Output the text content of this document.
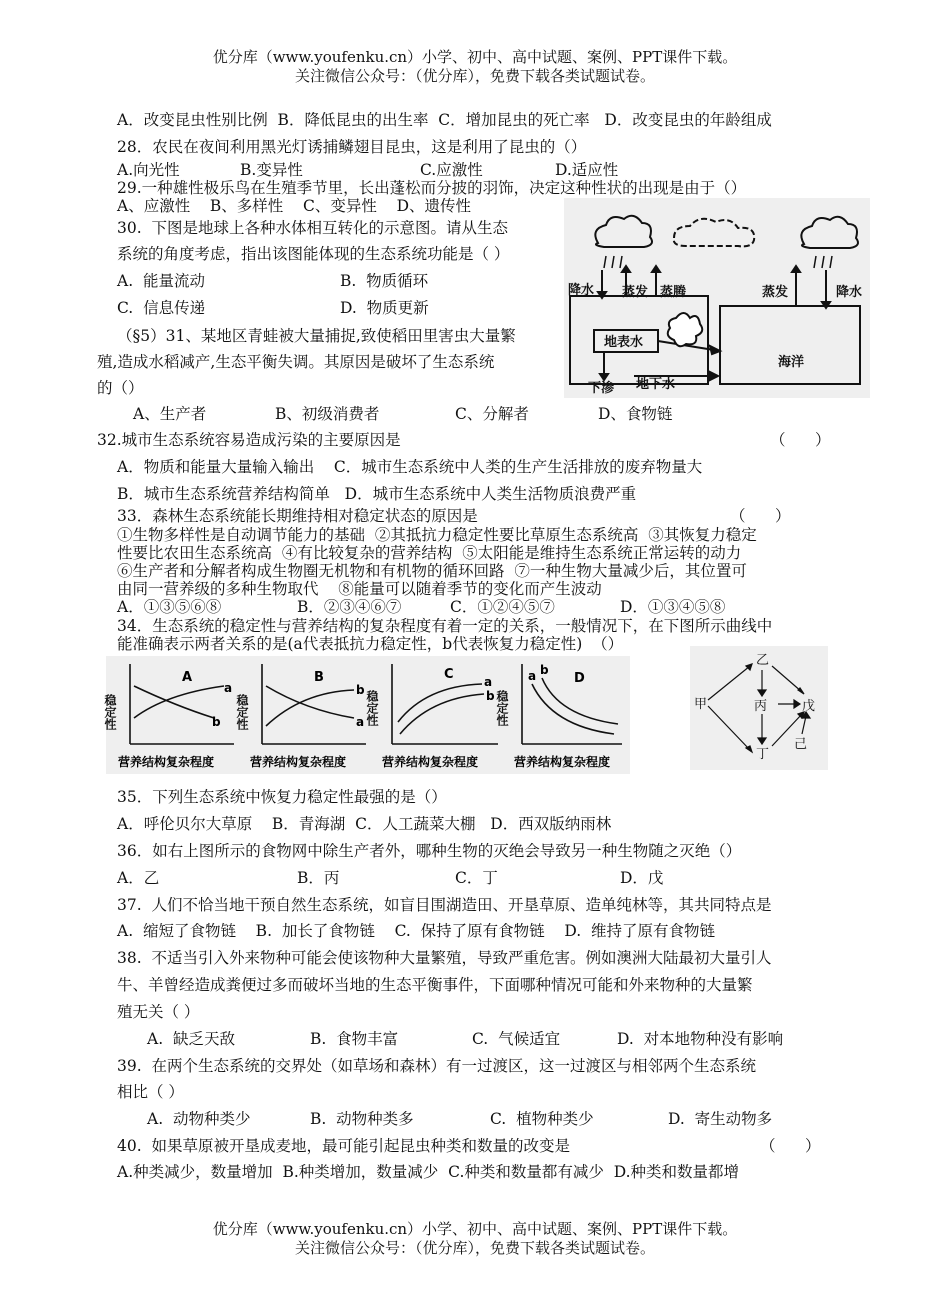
优分库（www.youfenku.cn）小学、初中、高中试题、案例、PPT课件下载。
关注微信公众号：（优分库），免费下载各类试题试卷。
A．改变昆虫性别比例  B．降低昆虫的出生率  C．增加昆虫的死亡率   D．改变昆虫的年龄组成
28．农民在夜间利用黑光灯诱捕鳞翅目昆虫，这是利用了昆虫的（）
A.向光性	B.变异性	C.应激性	D.适应性
29.一种雄性极乐鸟在生殖季节里，长出蓬松而分披的羽饰，决定这种性状的出现是由于（）
A、应激性    B、多样性    C、变异性    D、遗传性
30.  下图是地球上各种水体相互转化的示意图。请从生态
系统的角度考虑，指出该图能体现的生态系统功能是（ ）
A.  能量流动	B.  物质循环
C.  信息传递	D.  物质更新
降水 蒸发 蒸腾	蒸发	降水
地表水
海洋
下渗 地下水
（§5）31、某地区青蛙被大量捕捉,致使稻田里害虫大量繁
殖,造成水稻减产,生态平衡失调。其原因是破坏了生态系统
的（）
A、生产者	B、初级消费者	C、分解者	D、食物链
32.城市生态系统容易造成污染的主要原因是	（      ）
A．物质和能量大量输入输出    C．城市生态系统中人类的生产生活排放的废弃物量大
B．城市生态系统营养结构简单   D．城市生态系统中人类生活物质浪费严重
33．森林生态系统能长期维持相对稳定状态的原因是	（      ）
①生物多样性是自动调节能力的基础  ②其抵抗力稳定性要比草原生态系统高  ③其恢复力稳定
性要比农田生态系统高  ④有比较复杂的营养结构  ⑤太阳能是维持生态系统正常运转的动力
⑥生产者和分解者构成生物圈无机物和有机物的循环回路  ⑦一种生物大量减少后，其位置可
由同一营养级的多种生物取代    ⑧能量可以随着季节的变化而产生波动
A．①③⑤⑥⑧	B．②③④⑥⑦	C．①②④⑤⑦	D．①③④⑤⑧
34．生态系统的稳定性与营养结构的复杂程度有着一定的关系，一般情况下，在下图所示曲线中
能准确表示两者关系的是(a代表抵抗力稳定性，b代表恢复力稳定性)  （）
稳定性
A
a
b
营养结构复杂程度
稳定性
B
a
b
营养结构复杂程度
稳定性
C	a
b
营养结构复杂程度
稳定性
D
a b
营养结构复杂程度
乙
甲	丙	戊
丁
己
35．下列生态系统中恢复力稳定性最强的是（）
A．呼伦贝尔大草原    B．青海湖  C．人工蔬菜大棚   D．西双版纳雨林
36．如右上图所示的食物网中除生产者外，哪种生物的灭绝会导致另一种生物随之灭绝（）
A．乙	B．丙	C．丁	D．戊
37.  人们不恰当地干预自然生态系统，如盲目围湖造田、开垦草原、造单纯林等，其共同特点是
A.  缩短了食物链    B.  加长了食物链    C.  保持了原有食物链    D.  维持了原有食物链
38.  不适当引入外来物种可能会使该物种大量繁殖，导致严重危害。例如澳洲大陆最初大量引人
牛、羊曾经造成粪便过多而破坏当地的生态平衡事件，下面哪种情况可能和外来物种的大量繁
殖无关（ ）
A.  缺乏天敌	B.  食物丰富	C.  气候适宜	D.  对本地物种没有影响
39.  在两个生态系统的交界处（如草场和森林）有一过渡区，这一过渡区与相邻两个生态系统
相比（ ）
A.  动物种类少	B.  动物种类多	C.  植物种类少	D.  寄生动物多
40.  如果草原被开垦成麦地，最可能引起昆虫种类和数量的改变是	（      ）
A.种类减少，数量增加  B.种类增加，数量减少  C.种类和数量都有减少  D.种类和数量都增
优分库（www.youfenku.cn）小学、初中、高中试题、案例、PPT课件下载。
关注微信公众号：（优分库），免费下载各类试题试卷。
